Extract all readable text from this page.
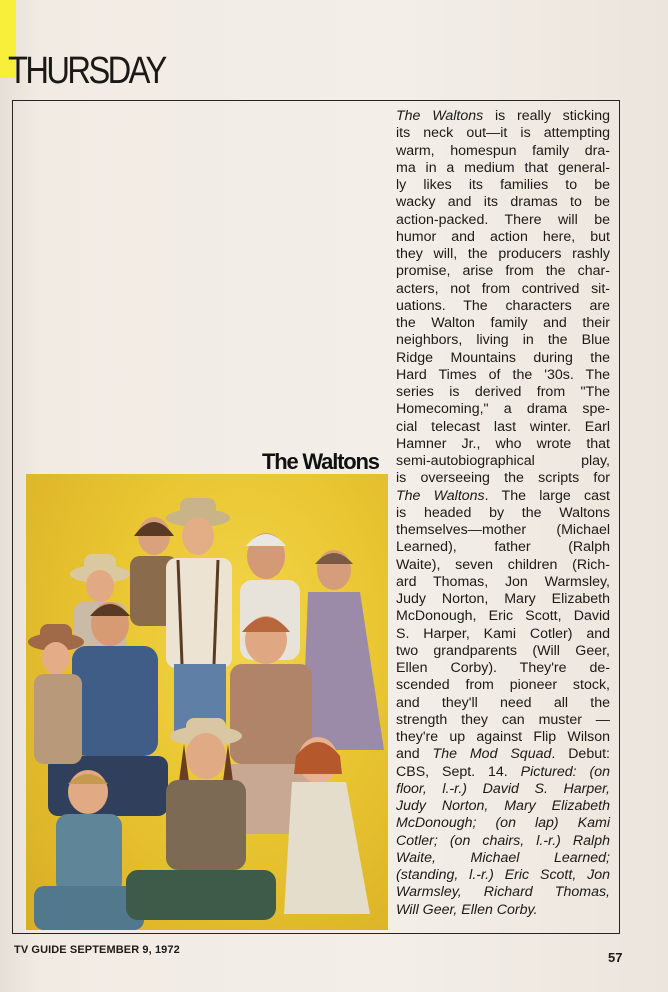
THURSDAY
The Waltons
The Waltons is really sticking
its neck out—it is attempting
warm, homespun family dra-
ma in a medium that general-
ly likes its families to be
wacky and its dramas to be
action-packed. There will be
humor and action here, but
they will, the producers rashly
promise, arise from the char-
acters, not from contrived sit-
uations. The characters are
the Walton family and their
neighbors, living in the Blue
Ridge Mountains during the
Hard Times of the '30s. The
series is derived from "The
Homecoming," a drama spe-
cial telecast last winter. Earl
Hamner Jr., who wrote that
semi-autobiographical play,
is overseeing the scripts for
The Waltons. The large cast
is headed by the Waltons
themselves—mother (Michael
Learned), father (Ralph
Waite), seven children (Rich-
ard Thomas, Jon Warmsley,
Judy Norton, Mary Elizabeth
McDonough, Eric Scott, David
S. Harper, Kami Cotler) and
two grandparents (Will Geer,
Ellen Corby). They're de-
scended from pioneer stock,
and they'll need all the
strength they can muster —
they're up against Flip Wilson
and The Mod Squad. Debut:
CBS, Sept. 14. Pictured: (on
floor, l.-r.) David S. Harper,
Judy Norton, Mary Elizabeth
McDonough; (on lap) Kami
Cotler; (on chairs, l.-r.) Ralph
Waite, Michael Learned;
(standing, l.-r.) Eric Scott, Jon
Warmsley, Richard Thomas,
Will Geer, Ellen Corby.
TV GUIDE SEPTEMBER 9, 1972	57
